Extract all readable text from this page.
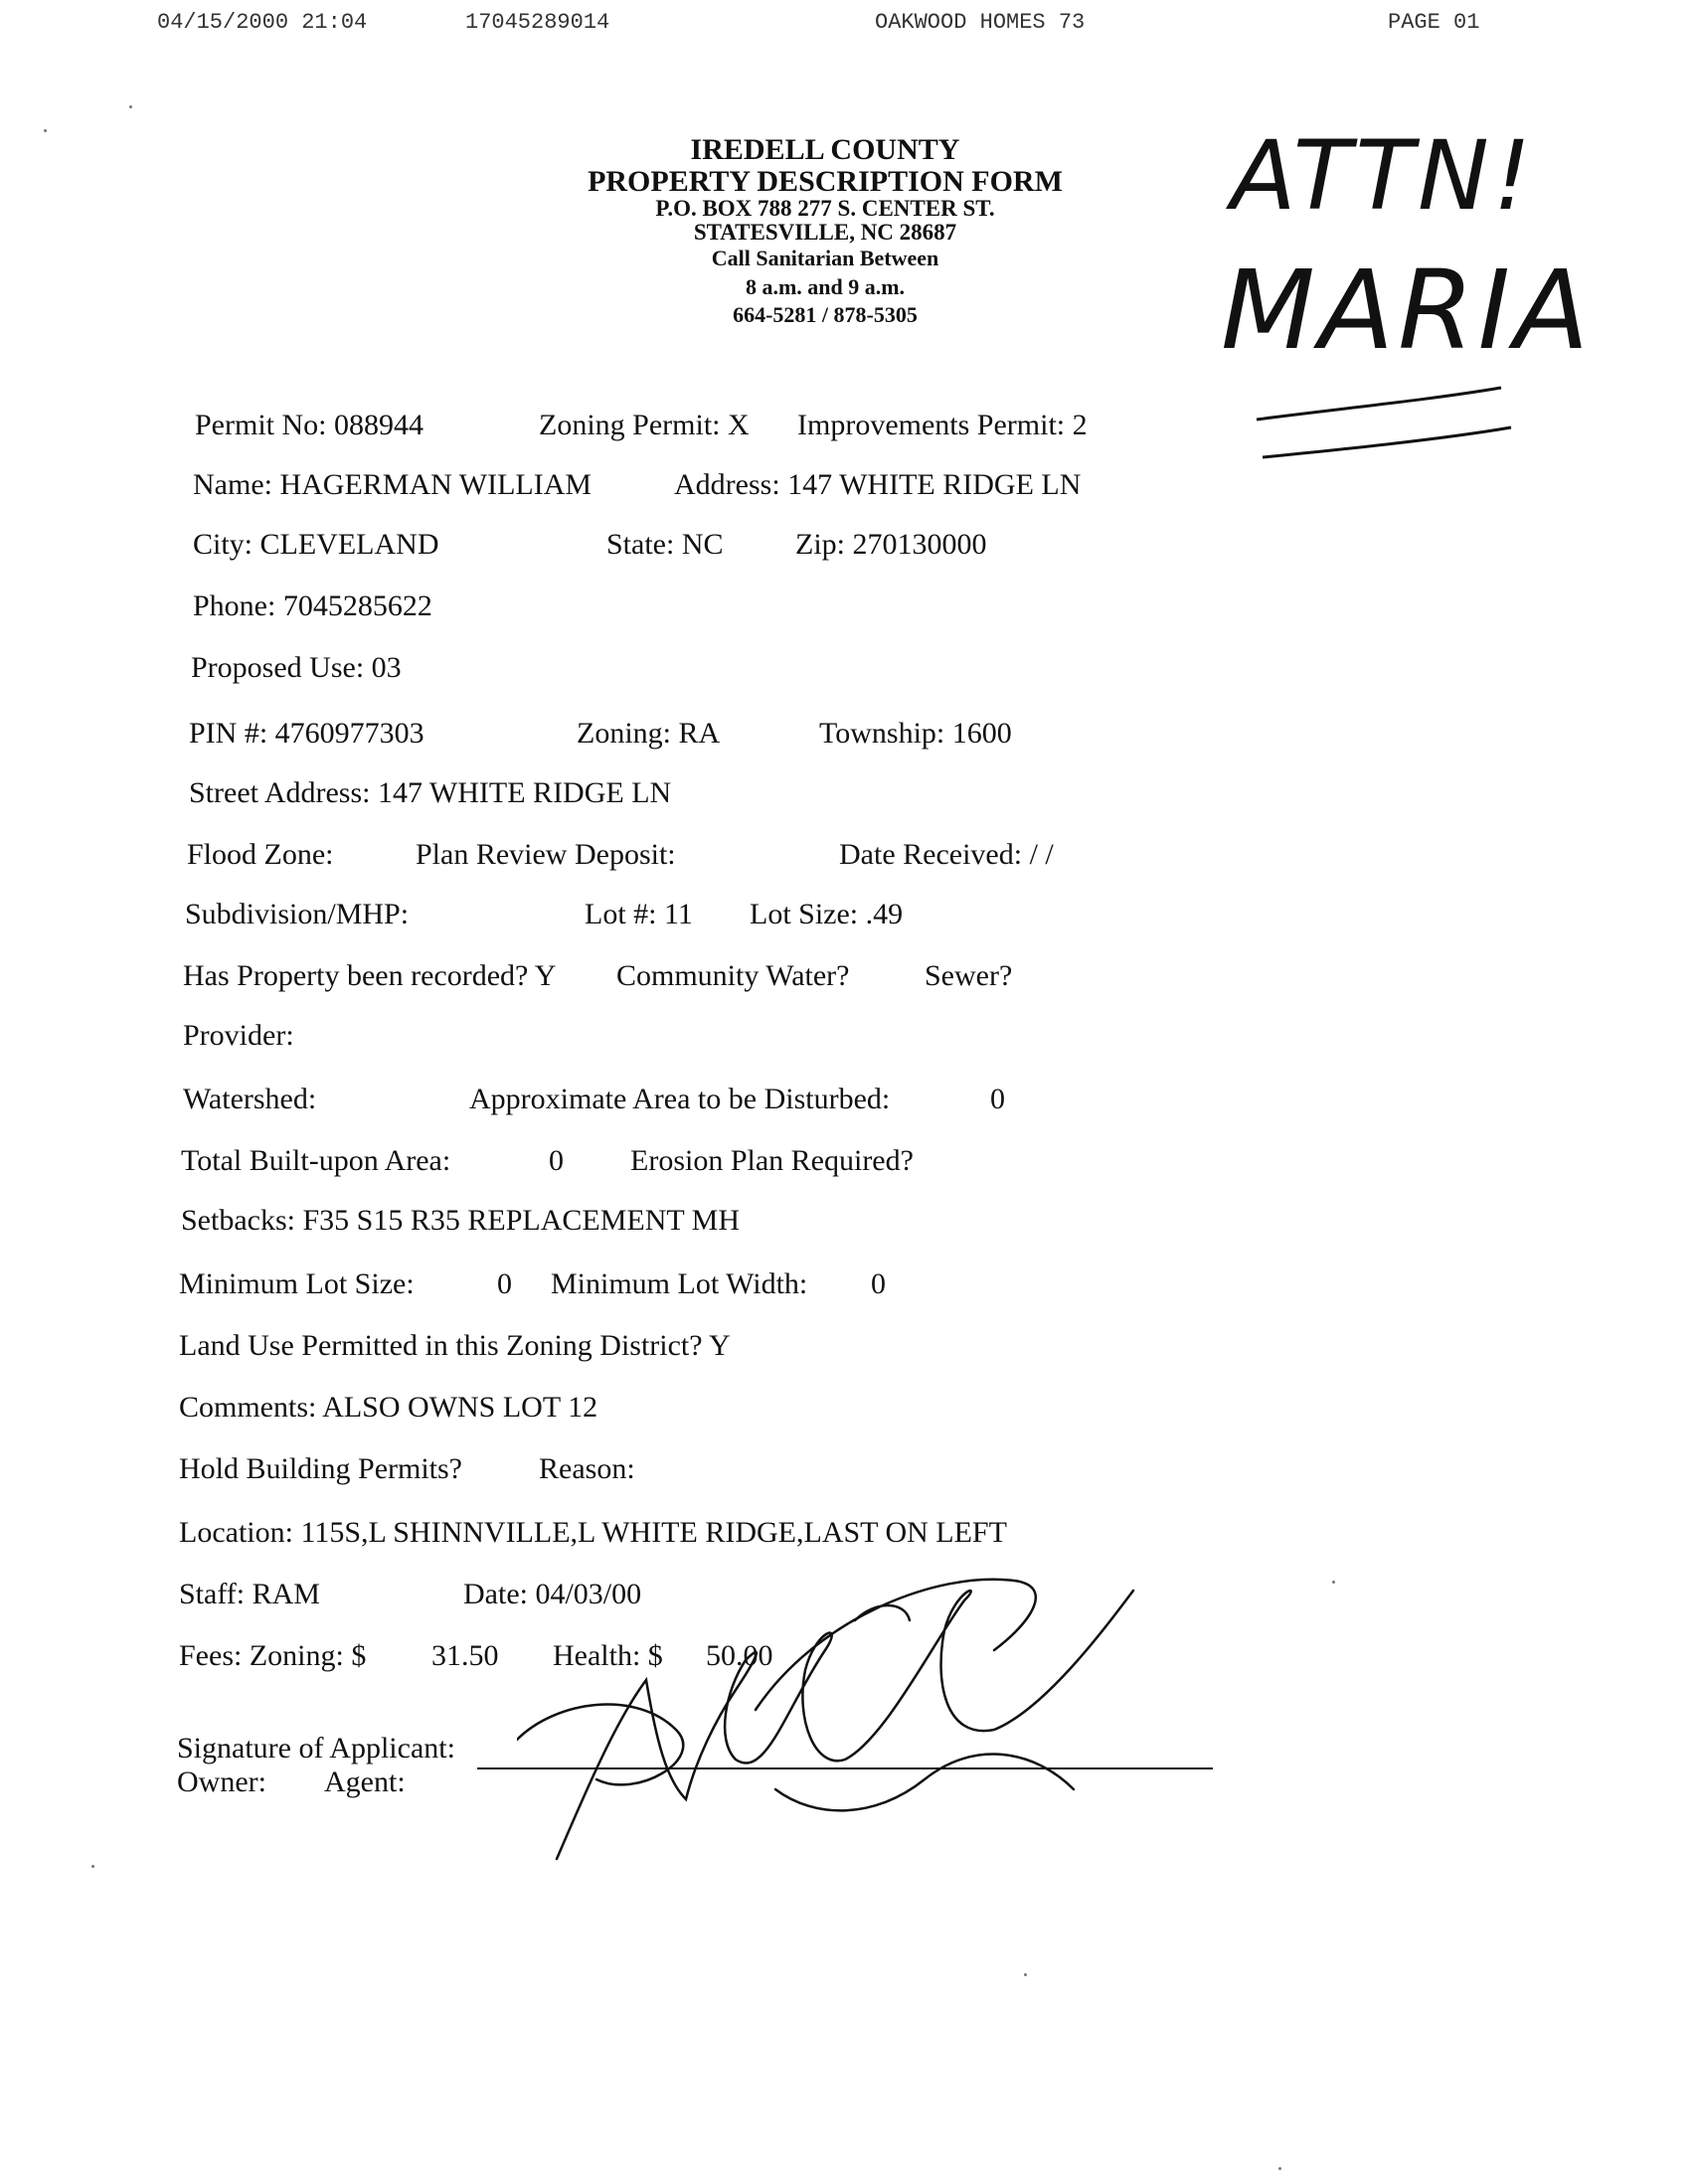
04/15/2000 21:04	17045289014	OAKWOOD HOMES 73	PAGE 01
IREDELL COUNTY
PROPERTY DESCRIPTION FORM
P.O. BOX 788 277 S. CENTER ST.
STATESVILLE, NC 28687
Call Sanitarian Between
8 a.m. and 9 a.m.
664-5281 / 878-5305
ATTN!
MARIA
Permit No: 088944	Zoning Permit: X Improvements Permit: 2
Name: HAGERMAN WILLIAM	Address: 147 WHITE RIDGE LN
City: CLEVELAND	State: NC Zip: 270130000
Phone: 7045285622
Proposed Use: 03
PIN #: 4760977303	Zoning: RA	Township: 1600
Street Address: 147 WHITE RIDGE LN
Flood Zone:	Plan Review Deposit:	Date Received: / /
Subdivision/MHP:	Lot #: 11 Lot Size: .49
Has Property been recorded? Y Community Water?	Sewer?
Provider:
Watershed:	Approximate Area to be Disturbed:	0
Total Built-upon Area:	0 Erosion Plan Required?
Setbacks: F35 S15 R35 REPLACEMENT MH
Minimum Lot Size:	0 Minimum Lot Width: 0
Land Use Permitted in this Zoning District? Y
Comments: ALSO OWNS LOT 12
Hold Building Permits?	Reason:
Location: 115S,L SHINNVILLE,L WHITE RIDGE,LAST ON LEFT
Staff: RAM	Date: 04/03/00
Fees: Zoning: $ 31.50 Health: $ 50.00
Signature of Applicant:
Owner: Agent:
